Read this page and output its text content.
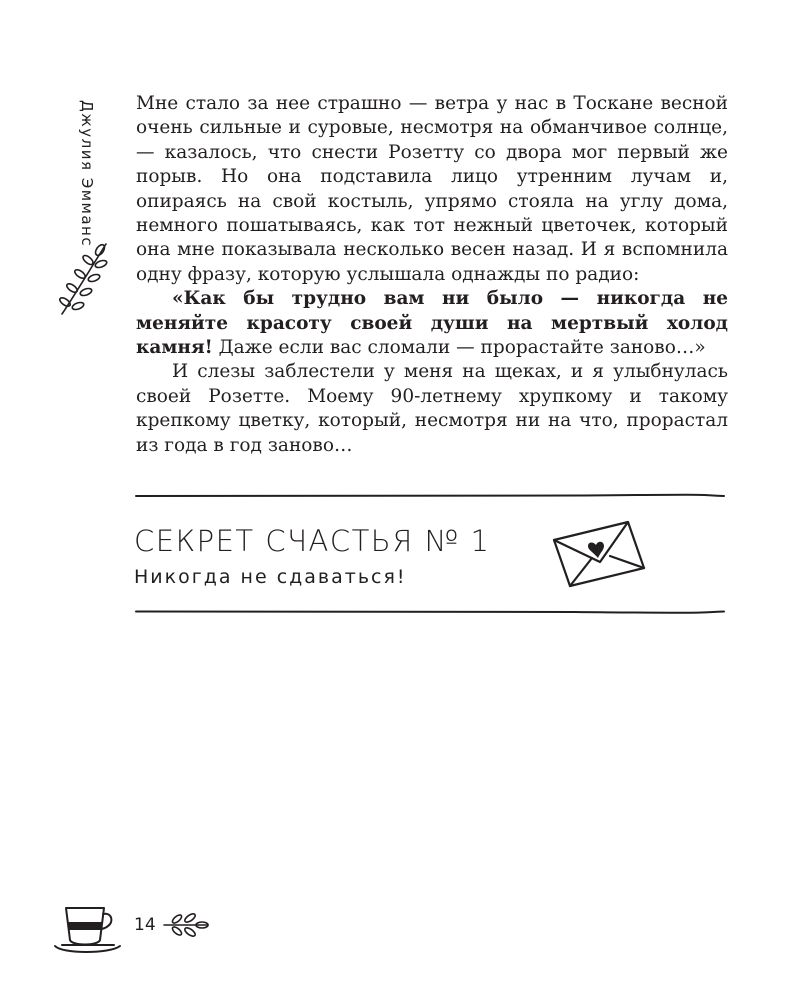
Джулия Эмманс	Мне стало за нее страшно — ветра у нас в Тоскане весной очень сильные и суровые, несмотря на обманчивое солнце, — казалось, что снести Розетту со двора мог первый же порыв. Но она подставила лицо утренним лучам и, опираясь на свой костыль, упрямо стояла на углу дома, немного пошатываясь, как тот нежный цветочек, который она мне показывала несколько весен назад. И я вспомнила одну фразу, которую услышала однажды по радио:

«Как бы трудно вам ни было — никогда не меняйте красоту своей души на мертвый холод камня! Даже если вас сломали — прорастайте заново…»

И слезы заблестели у меня на щеках, и я улыбнулась своей Розетте. Моему 90-летнему хрупкому и такому крепкому цветку, который, несмотря ни на что, прорастал из года в год заново…

СЕКРЕТ СЧАСТЬЯ № 1
Никогда не сдаваться!
14
